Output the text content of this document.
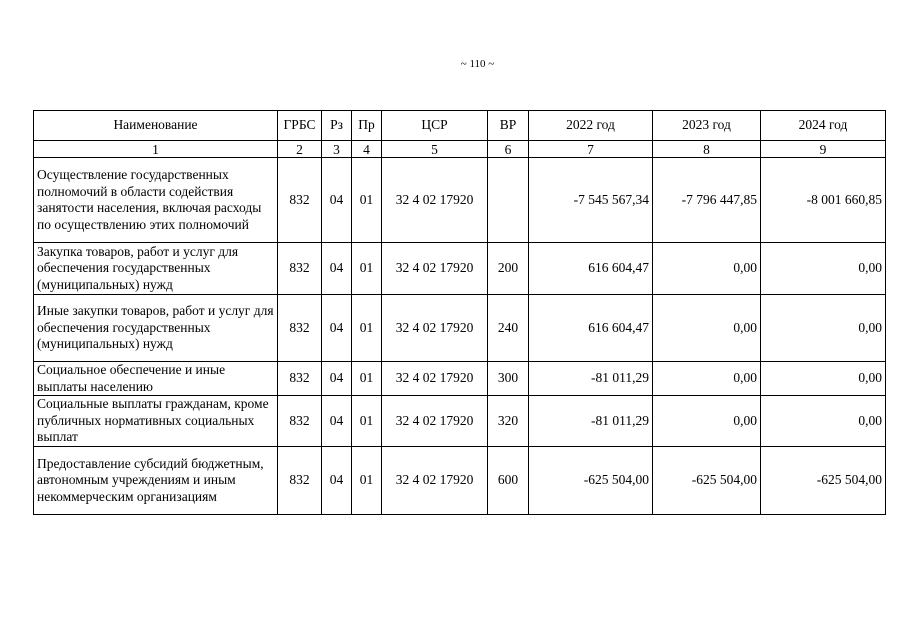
~ 110 ~
Наименование	ГРБС	Рз	Пр	ЦСР	ВР	2022 год	2023 год	2024 год
1	2	3	4	5	6	7	8	9
Осуществление государственных полномочий в области содействия занятости населения, включая расходы по осуществлению этих полномочий	832	04	01	32 4 02 17920		-7 545 567,34	-7 796 447,85	-8 001 660,85
Закупка товаров, работ и услуг для обеспечения государственных (муниципальных) нужд	832	04	01	32 4 02 17920	200	616 604,47	0,00	0,00
Иные закупки товаров, работ и услуг для обеспечения государственных (муниципальных) нужд	832	04	01	32 4 02 17920	240	616 604,47	0,00	0,00
Социальное обеспечение и иные выплаты населению	832	04	01	32 4 02 17920	300	-81 011,29	0,00	0,00
Социальные выплаты гражданам, кроме публичных нормативных социальных выплат	832	04	01	32 4 02 17920	320	-81 011,29	0,00	0,00
Предоставление субсидий бюджетным, автономным учреждениям и иным некоммерческим организациям	832	04	01	32 4 02 17920	600	-625 504,00	-625 504,00	-625 504,00
